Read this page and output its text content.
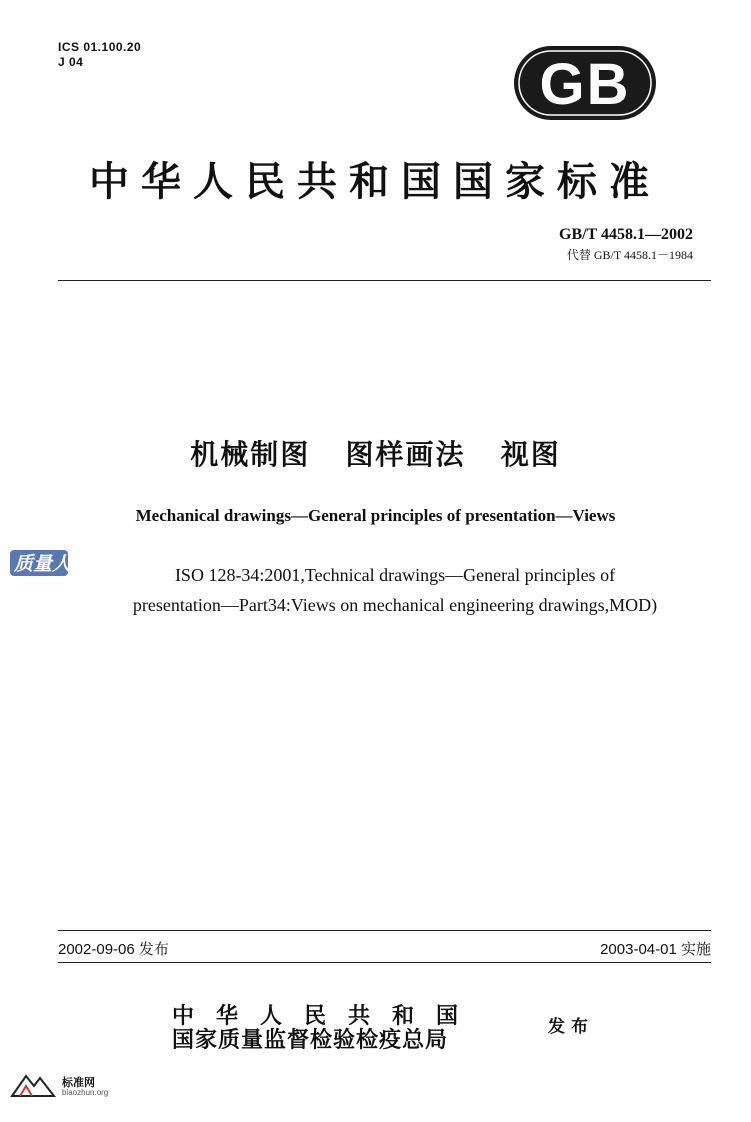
ICS 01.100.20
J 04	GB
中华人民共和国国家标准
GB/T 4458.1—2002
代替 GB/T 4458.1－1984
机械制图   图样画法   视图
Mechanical drawings—General principles of presentation—Views
ISO 128-34:2001,Technical drawings—General principles of
presentation—Part34:Views on mechanical engineering drawings,MOD)
质量人文档
2002-09-06 发布	2003-04-01 实施
中华人民共和国
国家质量监督检验检疫总局
发布
标准网
biaozhun.org
